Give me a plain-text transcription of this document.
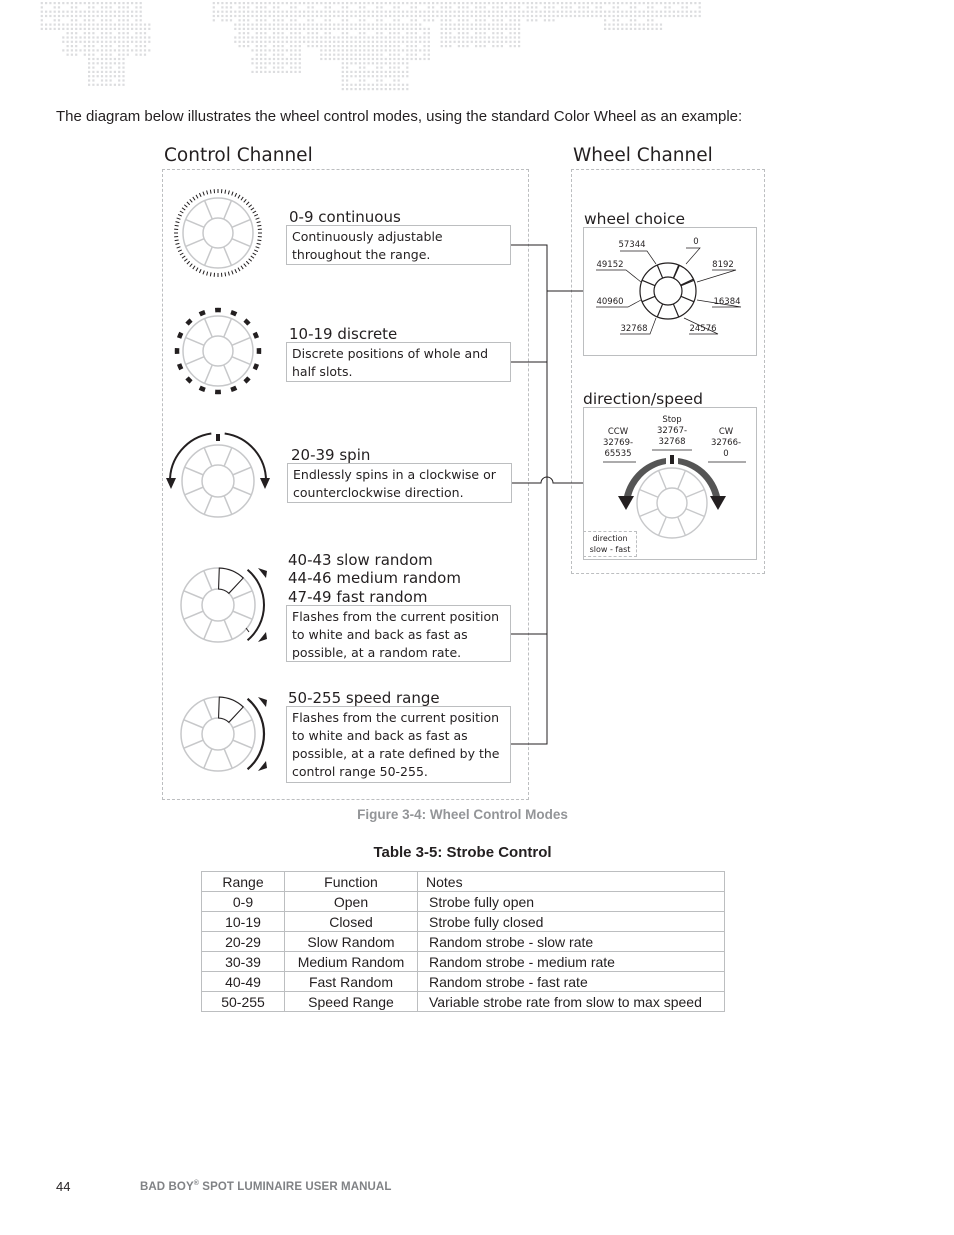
The diagram below illustrates the wheel control modes, using the standard Color Wheel as an example:
Control Channel	Wheel Channel
0-9 continuous
Continuously adjustable throughout the range.
10-19 discrete
Discrete positions of whole and half slots.
20-39 spin
Endlessly spins in a clockwise or counterclockwise direction.
40-43 slow random
44-46 medium random
47-49 fast random
Flashes from the current position to white and back as fast as possible, at a random rate.
50-255 speed range
Flashes from the current position to white and back as fast as possible, at a rate defined by the control range 50-255.
wheel choice
57344	0
49152	8192
40960	16384
32768	24576
direction/speed
Stop
32767-
32768
CCW
32769-
65535
CW
32766-
0
direction
slow - fast
Figure 3-4: Wheel Control Modes
Table 3-5: Strobe Control
Range	Function	Notes
0-9	Open	Strobe fully open
10-19	Closed	Strobe fully closed
20-29	Slow Random	Random strobe - slow rate
30-39	Medium Random	Random strobe - medium rate
40-49	Fast Random	Random strobe - fast rate
50-255	Speed Range	Variable strobe rate from slow to max speed
44	BAD BOY® SPOT LUMINAIRE USER MANUAL
